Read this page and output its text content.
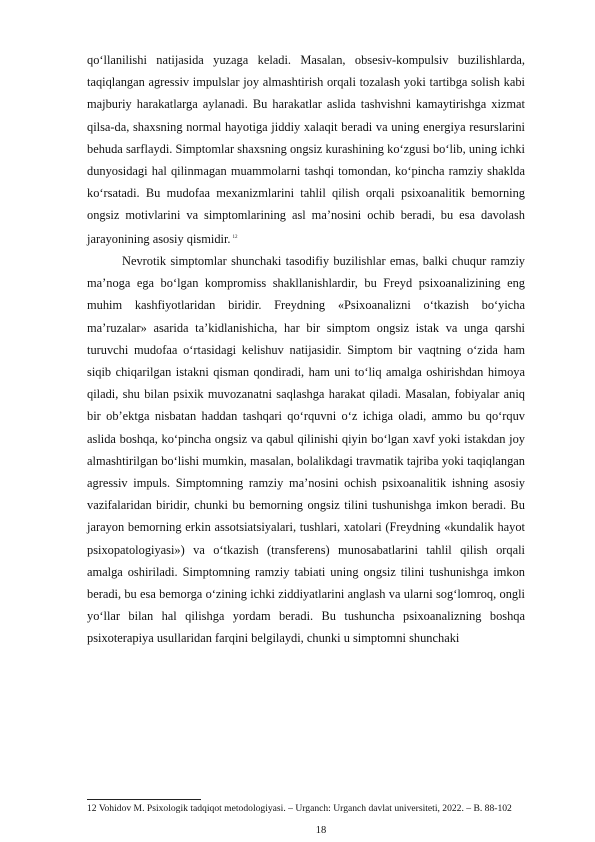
qo‘llanilishi natijasida yuzaga keladi. Masalan, obsesiv-kompulsiv buzilishlarda, taqiqlangan agressiv impulslar joy almashtirish orqali tozalash yoki tartibga solish kabi majburiy harakatlarga aylanadi. Bu harakatlar aslida tashvishni kamaytirishga xizmat qilsa-da, shaxsning normal hayotiga jiddiy xalaqit beradi va uning energiya resurslarini behuda sarflaydi. Simptomlar shaxsning ongsiz kurashining ko‘zgusi bo‘lib, uning ichki dunyosidagi hal qilinmagan muammolarni tashqi tomondan, ko‘pincha ramziy shaklda ko‘rsatadi. Bu mudofaa mexanizmlarini tahlil qilish orqali psixoanalitik bemorning ongsiz motivlarini va simptomlarining asl ma’nosini ochib beradi, bu esa davolash jarayonining asosiy qismidir. $^{12}$

Nevrotik simptomlar shunchaki tasodifiy buzilishlar emas, balki chuqur ramziy ma’noga ega bo‘lgan kompromiss shakllanishlardir, bu Freyd psixoanalizining eng muhim kashfiyotlaridan biridir. Freydning «Psixoanalizni o‘tkazish bo‘yicha ma’ruzalar» asarida ta’kidlanishicha, har bir simptom ongsiz istak va unga qarshi turuvchi mudofaa o‘rtasidagi kelishuv natijasidir. Simptom bir vaqtning o‘zida ham siqib chiqarilgan istakni qisman qondiradi, ham uni to‘liq amalga oshirishdan himoya qiladi, shu bilan psixik muvozanatni saqlashga harakat qiladi. Masalan, fobiyalar aniq bir ob’ektga nisbatan haddan tashqari qo‘rquvni o‘z ichiga oladi, ammo bu qo‘rquv aslida boshqa, ko‘pincha ongsiz va qabul qilinishi qiyin bo‘lgan xavf yoki istakdan joy almashtirilgan bo‘lishi mumkin, masalan, bolalikdagi travmatik tajriba yoki taqiqlangan agressiv impuls. Simptomning ramziy ma’nosini ochish psixoanalitik ishning asosiy vazifalaridan biridir, chunki bu bemorning ongsiz tilini tushunishga imkon beradi. Bu jarayon bemorning erkin assotsiatsiyalari, tushlari, xatolari (Freydning «kundalik hayot psixopatologiyasi») va o‘tkazish (transferens) munosabatlarini tahlil qilish orqali amalga oshiriladi. Simptomning ramziy tabiati uning ongsiz tilini tushunishga imkon beradi, bu esa bemorga o‘zining ichki ziddiyatlarini anglash va ularni sog‘lomroq, ongli yo‘llar bilan hal qilishga yordam beradi. Bu tushuncha psixoanalizning boshqa psixoterapiya usullaridan farqini belgilaydi, chunki u simptomni shunchaki

12 Vohidov M. Psixologik tadqiqot metodologiyasi. – Urganch: Urganch davlat universiteti, 2022. – B. 88-102
18
